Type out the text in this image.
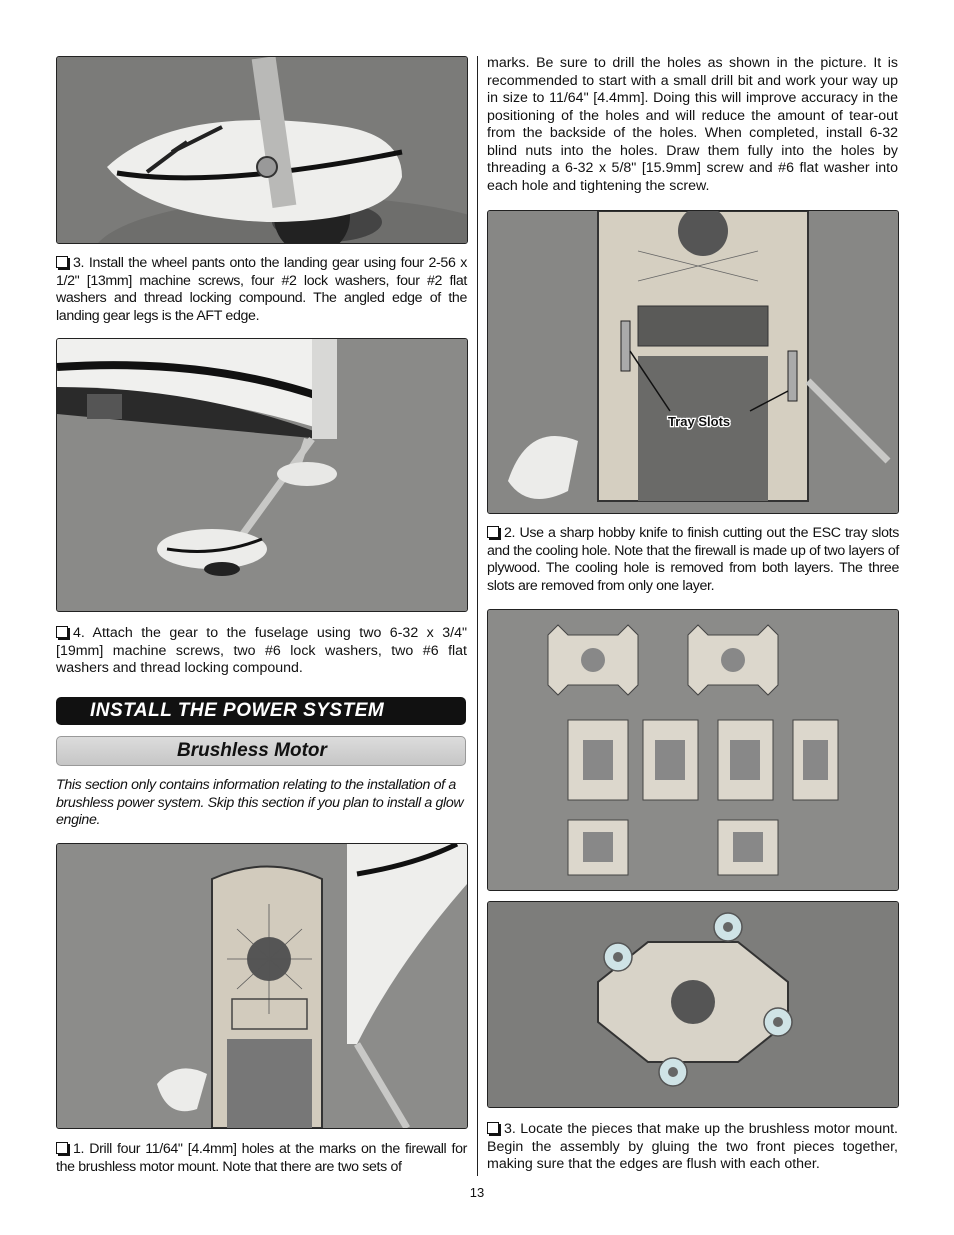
3. Install the wheel pants onto the landing gear using four 2-56 x 1/2" [13mm] machine screws, four #2 lock washers, four #2 flat washers and thread locking compound. The angled edge of the landing gear legs is the AFT edge.

4. Attach the gear to the fuselage using two 6-32 x 3/4" [19mm] machine screws, two #6 lock washers, two #6 flat washers and thread locking compound.

INSTALL THE POWER SYSTEM
Brushless Motor

This section only contains information relating to the installation of a brushless power system. Skip this section if you plan to install a glow engine.

1. Drill four 11/64" [4.4mm] holes at the marks on the firewall for the brushless motor mount. Note that there are two sets of

marks. Be sure to drill the holes as shown in the picture. It is recommended to start with a small drill bit and work your way up in size to 11/64" [4.4mm]. Doing this will improve accuracy in the positioning of the holes and will reduce the amount of tear-out from the backside of the holes. When completed, install 6-32 blind nuts into the holes. Draw them fully into the holes by threading a 6-32 x 5/8" [15.9mm] screw and #6 flat washer into each hole and tightening the screw.

Tray Slots

2. Use a sharp hobby knife to finish cutting out the ESC tray slots and the cooling hole. Note that the firewall is made up of two layers of plywood. The cooling hole is removed from both layers. The three slots are removed from only one layer.

3. Locate the pieces that make up the brushless motor mount. Begin the assembly by gluing the two front pieces together, making sure that the edges are flush with each other.

13
